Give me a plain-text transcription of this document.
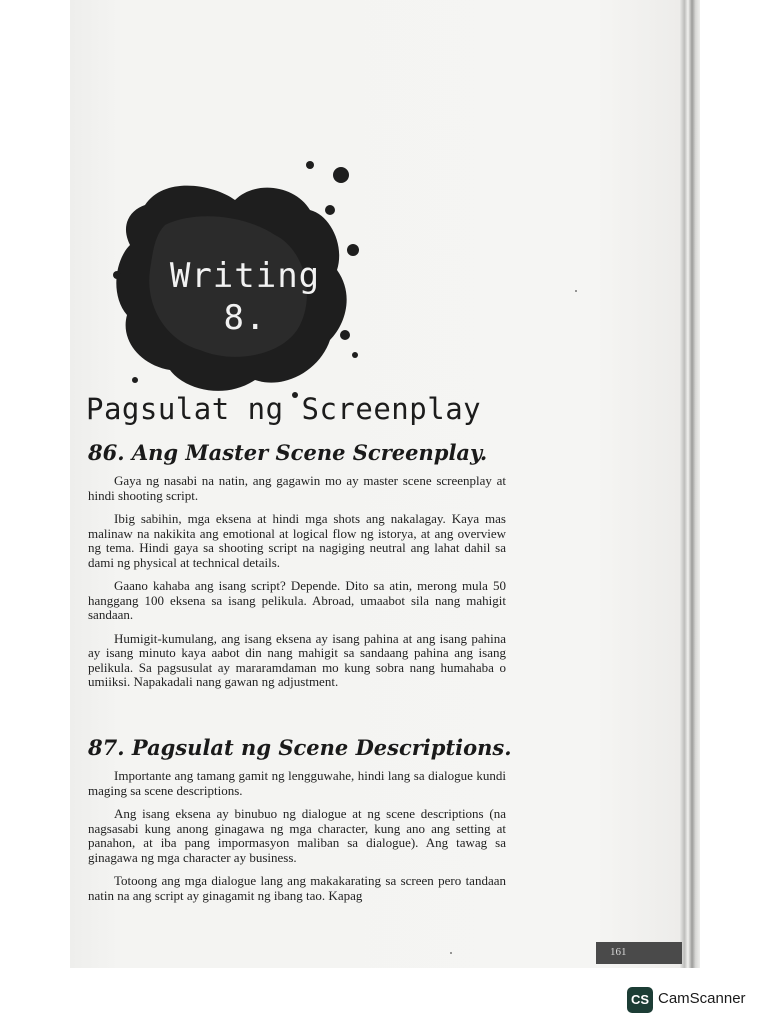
Writing
8.
Pagsulat ng Screenplay
86. Ang Master Scene Screenplay.

Gaya ng nasabi na natin, ang gagawin mo ay master scene screenplay at hindi shooting script.

Ibig sabihin, mga eksena at hindi mga shots ang nakalagay. Kaya mas malinaw na nakikita ang emotional at logical flow ng istorya, at ang overview ng tema. Hindi gaya sa shooting script na nagiging neutral ang lahat dahil sa dami ng physical at technical details.

Gaano kahaba ang isang script? Depende. Dito sa atin, merong mula 50 hanggang 100 eksena sa isang pelikula. Abroad, umaabot sila nang mahigit sandaan.

Humigit-kumulang, ang isang eksena ay isang pahina at ang isang pahina ay isang minuto kaya aabot din nang mahigit sa sandaang pahina ang isang pelikula. Sa pagsusulat ay mararamdaman mo kung sobra nang humahaba o umiiksi. Napakadali nang gawan ng adjustment.

87. Pagsulat ng Scene Descriptions.

Importante ang tamang gamit ng lengguwahe, hindi lang sa dialogue kundi maging sa scene descriptions.

Ang isang eksena ay binubuo ng dialogue at ng scene descriptions (na nagsasabi kung anong ginagawa ng mga character, kung ano ang setting at panahon, at iba pang impormasyon maliban sa dialogue). Ang tawag sa ginagawa ng mga character ay business.

Totoong ang mga dialogue lang ang makakarating sa screen pero tandaan natin na ang script ay ginagamit ng ibang tao. Kapag

161
CS CamScanner
